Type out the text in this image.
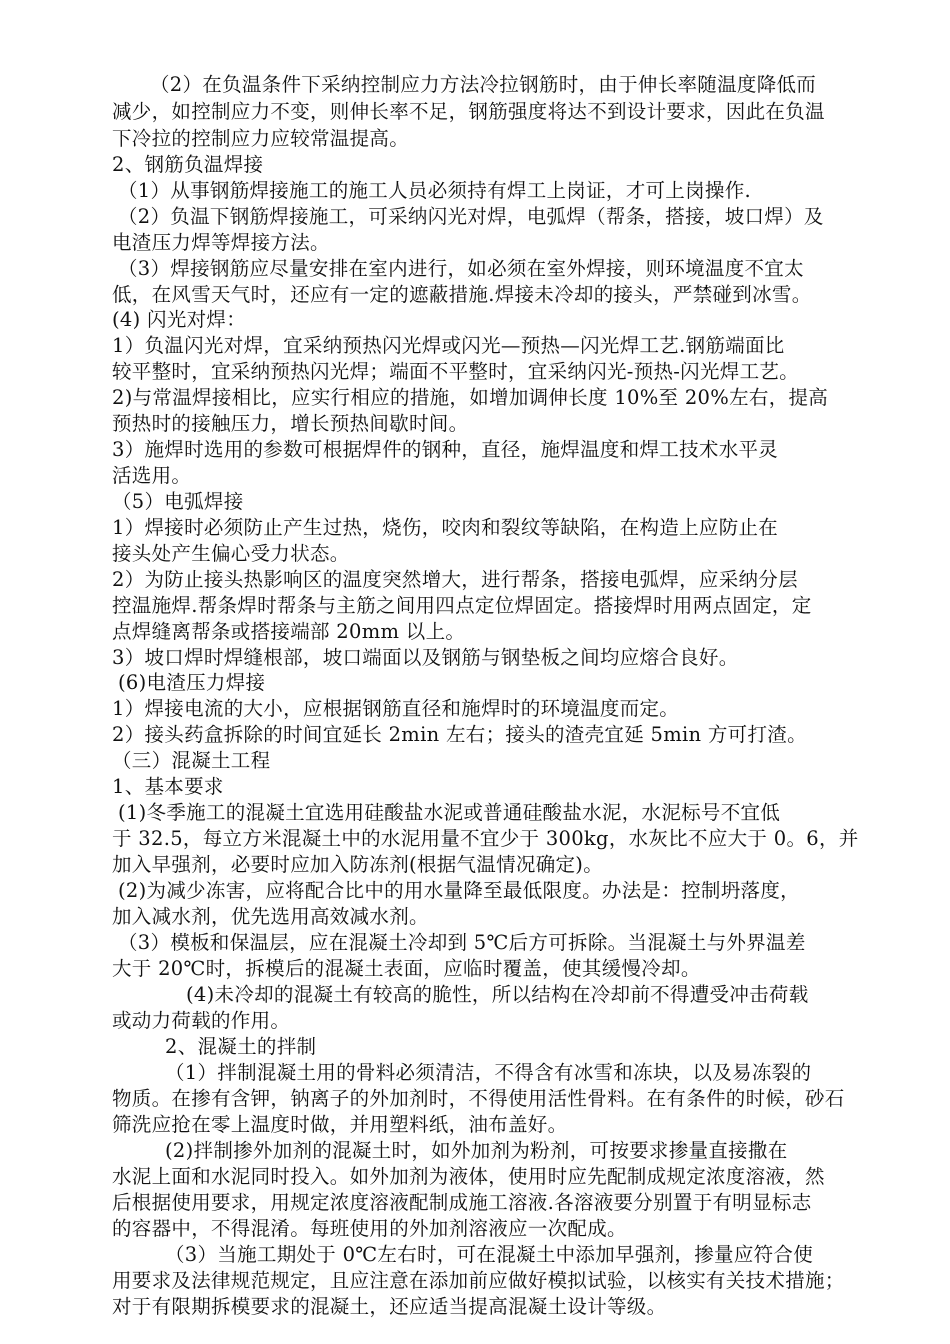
（2）在负温条件下采纳控制应力方法冷拉钢筋时，由于伸长率随温度降低而
减少，如控制应力不变，则伸长率不足，钢筋强度将达不到设计要求，因此在负温
下冷拉的控制应力应较常温提高。
2、钢筋负温焊接
（1）从事钢筋焊接施工的施工人员必须持有焊工上岗证，才可上岗操作.
（2）负温下钢筋焊接施工，可采纳闪光对焊，电弧焊（帮条，搭接，坡口焊）及
电渣压力焊等焊接方法。
（3）焊接钢筋应尽量安排在室内进行，如必须在室外焊接，则环境温度不宜太
低，在风雪天气时，还应有一定的遮蔽措施.焊接未冷却的接头，严禁碰到冰雪。
(4) 闪光对焊：
1）负温闪光对焊，宜采纳预热闪光焊或闪光—预热—闪光焊工艺.钢筋端面比
较平整时，宜采纳预热闪光焊；端面不平整时，宜采纳闪光-预热-闪光焊工艺。
2)与常温焊接相比，应实行相应的措施，如增加调伸长度 10%至 20%左右，提高
预热时的接触压力，增长预热间歇时间。
3）施焊时选用的参数可根据焊件的钢种，直径，施焊温度和焊工技术水平灵
活选用。
（5）电弧焊接
1）焊接时必须防止产生过热，烧伤，咬肉和裂纹等缺陷，在构造上应防止在
接头处产生偏心受力状态。
2）为防止接头热影响区的温度突然增大，进行帮条，搭接电弧焊，应采纳分层
控温施焊.帮条焊时帮条与主筋之间用四点定位焊固定。搭接焊时用两点固定，定
点焊缝离帮条或搭接端部 20mm 以上。
3）坡口焊时焊缝根部，坡口端面以及钢筋与钢垫板之间均应熔合良好。
(6)电渣压力焊接
1）焊接电流的大小，应根据钢筋直径和施焊时的环境温度而定。
2）接头药盒拆除的时间宜延长 2min 左右；接头的渣壳宜延 5min 方可打渣。
（三）混凝土工程
1、基本要求
(1)冬季施工的混凝土宜选用硅酸盐水泥或普通硅酸盐水泥，水泥标号不宜低
于 32.5，每立方米混凝土中的水泥用量不宜少于 300kg，水灰比不应大于 0。6，并
加入早强剂，必要时应加入防冻剂(根据气温情况确定)。
(2)为减少冻害，应将配合比中的用水量降至最低限度。办法是：控制坍落度，
加入减水剂，优先选用高效减水剂。
（3）模板和保温层，应在混凝土冷却到 5℃后方可拆除。当混凝土与外界温差
大于 20℃时，拆模后的混凝土表面，应临时覆盖，使其缓慢冷却。
(4)未冷却的混凝土有较高的脆性，所以结构在冷却前不得遭受冲击荷载
或动力荷载的作用。
2、混凝土的拌制
（1）拌制混凝土用的骨料必须清洁，不得含有冰雪和冻块，以及易冻裂的
物质。在掺有含钾，钠离子的外加剂时，不得使用活性骨料。在有条件的时候，砂石
筛洗应抢在零上温度时做，并用塑料纸，油布盖好。
(2)拌制掺外加剂的混凝土时，如外加剂为粉剂，可按要求掺量直接撒在
水泥上面和水泥同时投入。如外加剂为液体，使用时应先配制成规定浓度溶液，然
后根据使用要求，用规定浓度溶液配制成施工溶液.各溶液要分别置于有明显标志
的容器中，不得混淆。每班使用的外加剂溶液应一次配成。
（3）当施工期处于 0℃左右时，可在混凝土中添加早强剂，掺量应符合使
用要求及法律规范规定，且应注意在添加前应做好模拟试验，以核实有关技术措施；
对于有限期拆模要求的混凝土，还应适当提高混凝土设计等级。
